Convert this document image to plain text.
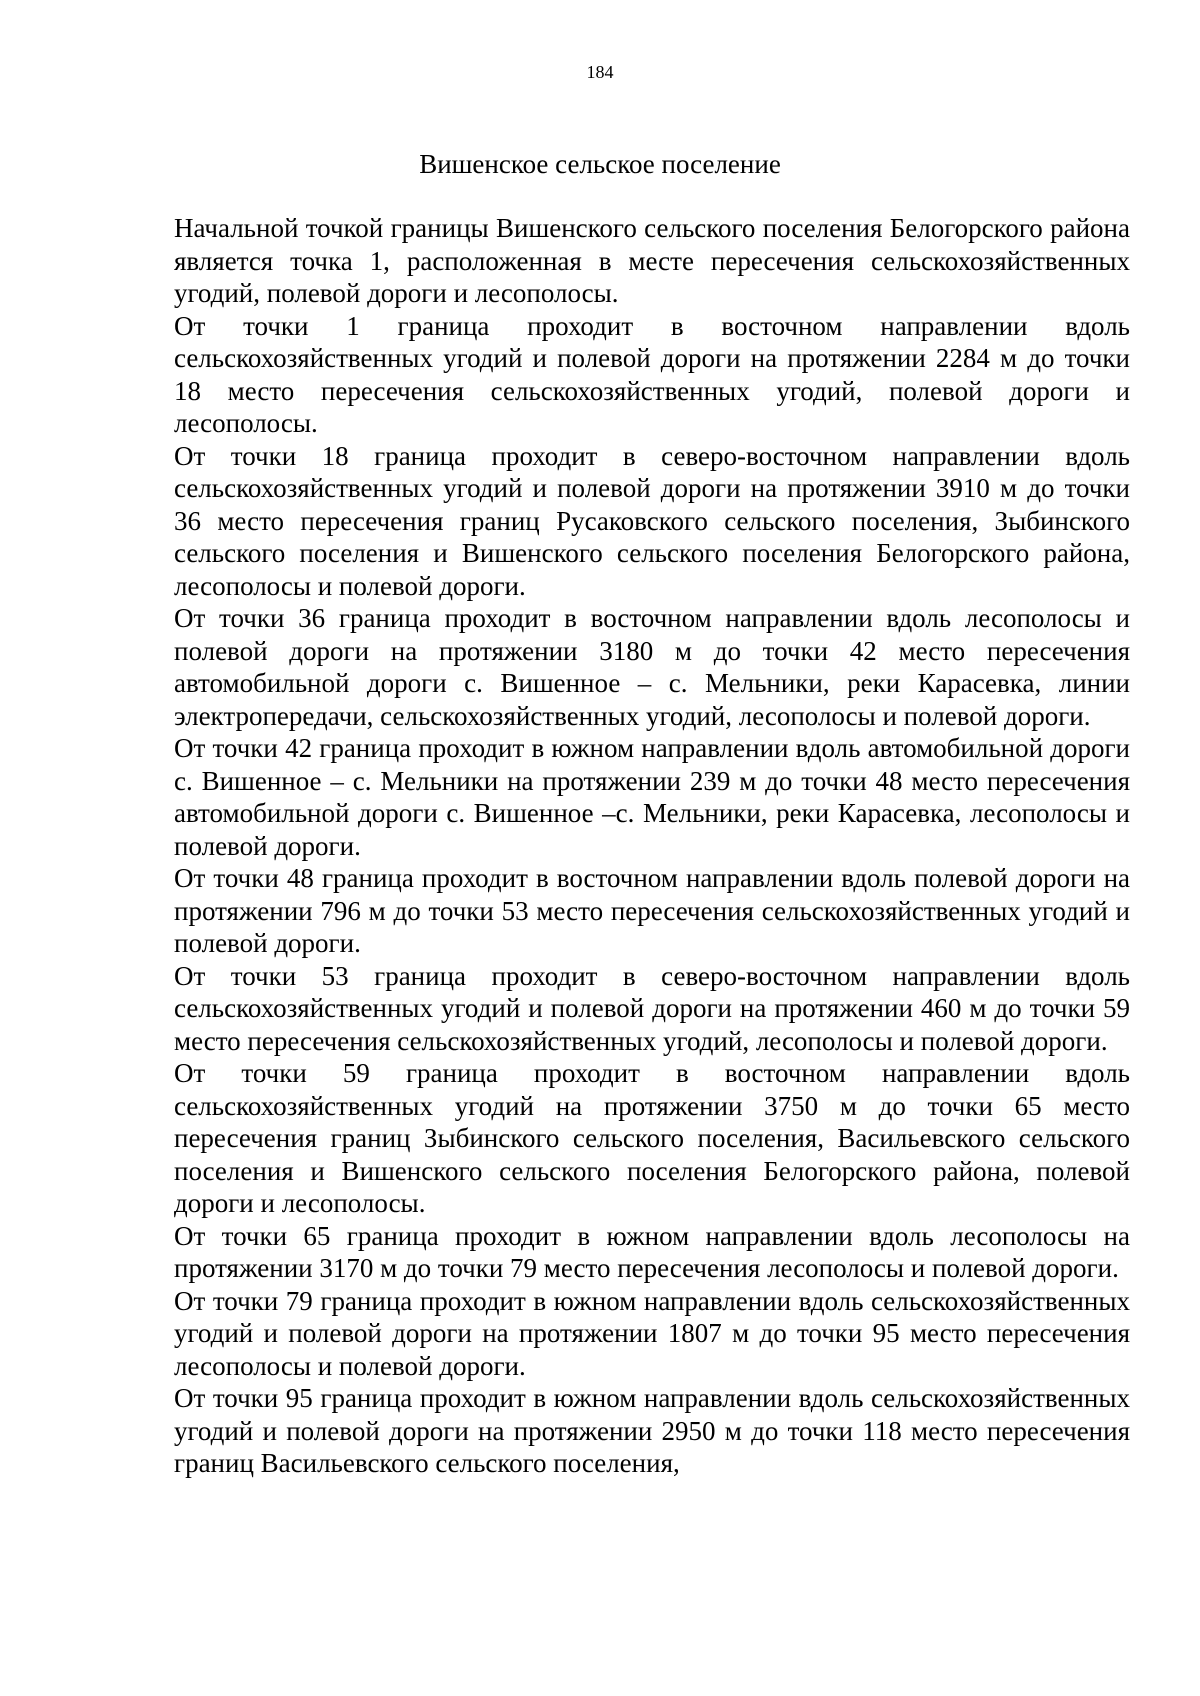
184
Вишенское сельское поселение

Начальной точкой границы Вишенского сельского поселения Белогорского района является точка 1, расположенная в месте пересечения сельскохозяйственных угодий, полевой дороги и лесополосы.

От точки 1 граница проходит в восточном направлении вдоль сельскохозяйственных угодий и полевой дороги на протяжении 2284 м до точки 18 место пересечения сельскохозяйственных угодий, полевой дороги и лесополосы.

От точки 18 граница проходит в северо-восточном направлении вдоль сельскохозяйственных угодий и полевой дороги на протяжении 3910 м до точки 36 место пересечения границ Русаковского сельского поселения, Зыбинского сельского поселения и Вишенского сельского поселения Белогорского района, лесополосы и полевой дороги.

От точки 36 граница проходит в восточном направлении вдоль лесополосы и полевой дороги на протяжении 3180 м до точки 42 место пересечения автомобильной дороги с. Вишенное – с. Мельники, реки Карасевка, линии электропередачи, сельскохозяйственных угодий, лесополосы и полевой дороги.

От точки 42 граница проходит в южном направлении вдоль автомобильной дороги с. Вишенное – с. Мельники на протяжении 239 м до точки 48 место пересечения автомобильной дороги с. Вишенное –с. Мельники, реки Карасевка, лесополосы и полевой дороги.

От точки 48 граница проходит в восточном направлении вдоль полевой дороги на протяжении 796 м до точки 53 место пересечения сельскохозяйственных угодий и полевой дороги.

От точки 53 граница проходит в северо-восточном направлении вдоль сельскохозяйственных угодий и полевой дороги на протяжении 460 м до точки 59 место пересечения сельскохозяйственных угодий, лесополосы и полевой дороги.

От точки 59 граница проходит в восточном направлении вдоль сельскохозяйственных угодий на протяжении 3750 м до точки 65 место пересечения границ Зыбинского сельского поселения, Васильевского сельского поселения и Вишенского сельского поселения Белогорского района, полевой дороги и лесополосы.

От точки 65 граница проходит в южном направлении вдоль лесополосы на протяжении 3170 м до точки 79 место пересечения лесополосы и полевой дороги.

От точки 79 граница проходит в южном направлении вдоль сельскохозяйственных угодий и полевой дороги на протяжении 1807 м до точки 95 место пересечения лесополосы и полевой дороги.

От точки 95 граница проходит в южном направлении вдоль сельскохозяйственных угодий и полевой дороги на протяжении 2950 м до точки 118 место пересечения границ Васильевского сельского поселения,
